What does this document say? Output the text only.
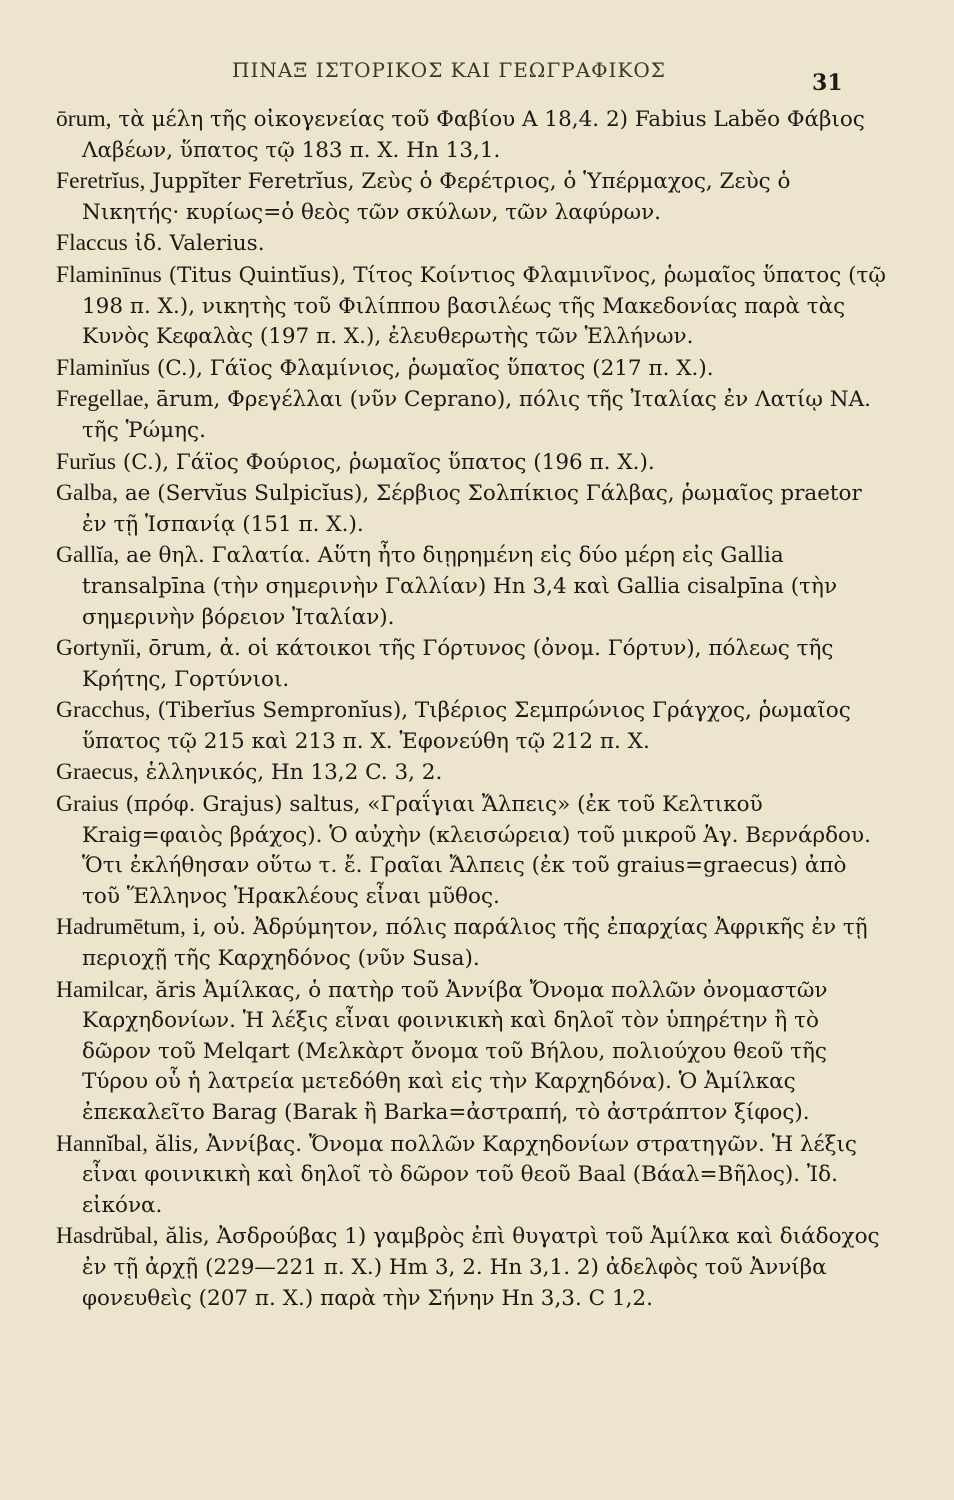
ΠΙΝΑΞ ΙΣΤΟΡΙΚΟΣ ΚΑΙ ΓΕΩΓΡΑΦΙΚΟΣ	31

ōrum, τὰ μέλη τῆς οἰκογενείας τοῦ Φαβίου A 18,4. 2) Fabius Labĕo Φάβιος Λαβέων, ὕπατος τῷ 183 π. X. Hn 13,1.

Feretrĭus, Juppĭter Feretrĭus, Ζεὺς ὁ Φερέτριος, ὁ Ὑπέρμαχος, Ζεὺς ὁ Νικητής· κυρίως=ὁ θεὸς τῶν σκύλων, τῶν λαφύρων.

Flaccus ἰδ. Valerius.

Flaminīnus (Titus Quintĭus), Τίτος Κοίντιος Φλαμινῖνος, ῥωμαῖος ὕπατος (τῷ 198 π. X.), νικητὴς τοῦ Φιλίππου βασιλέως τῆς Μακεδονίας παρὰ τὰς Κυνὸς Κεφαλὰς (197 π. X.), ἐλευθερωτὴς τῶν Ἑλλήνων.

Flaminĭus (C.), Γάϊος Φλαμίνιος, ῥωμαῖος ὕπατος (217 π. X.).

Fregellae, ārum, Φρεγέλλαι (νῦν Ceprano), πόλις τῆς Ἰταλίας ἐν Λατίῳ NA. τῆς Ῥώμης.

Furĭus (C.), Γάϊος Φούριος, ῥωμαῖος ὕπατος (196 π. X.).

Galba, ae (Servĭus Sulpicĭus), Σέρβιος Σολπίκιος Γάλβας, ῥωμαῖος praetor ἐν τῇ Ἱσπανίᾳ (151 π. X.).

Gallĭa, ae θηλ. Γαλατία. Αὕτη ἦτο διῃρημένη εἰς δύο μέρη εἰς Gallia transalpīna (τὴν σημερινὴν Γαλλίαν) Hn 3,4 καὶ Gallia cisalpīna (τὴν σημερινὴν βόρειον Ἰταλίαν).

Gortynĭi, ōrum, ἀ. οἱ κάτοικοι τῆς Γόρτυνος (ὀνομ. Γόρτυν), πόλεως τῆς Κρήτης, Γορτύνιοι.

Gracchus, (Tiberĭus Sempronĭus), Τιβέριος Σεμπρώνιος Γράγχος, ῥωμαῖος ὕπατος τῷ 215 καὶ 213 π. X. Ἐφονεύθη τῷ 212 π. X.

Graecus, ἑλληνικός, Hn 13,2 C. 3, 2.

Graius (πρόφ. Grajus) saltus, «Γραΐγιαι Ἄλπεις» (ἐκ τοῦ Κελτικοῦ Kraig=φαιὸς βράχος). Ὁ αὐχὴν (κλεισώρεια) τοῦ μικροῦ Ἁγ. Βερνάρδου. Ὅτι ἐκλήθησαν οὕτω τ. ἔ. Γραῖαι Ἄλπεις (ἐκ τοῦ graius=graecus) ἀπὸ τοῦ Ἕλληνος Ἡρακλέους εἶναι μῦθος.

Hadrumētum, i, οὐ. Ἀδρύμητον, πόλις παράλιος τῆς ἐπαρχίας Ἀφρικῆς ἐν τῇ περιοχῇ τῆς Καρχηδόνος (νῦν Susa).

Hamilcar, ăris Ἀμίλκας, ὁ πατὴρ τοῦ Ἀννίβα Ὄνομα πολλῶν ὀνομαστῶν Καρχηδονίων. Ἡ λέξις εἶναι φοινικικὴ καὶ δηλοῖ τὸν ὑπηρέτην ἢ τὸ δῶρον τοῦ Melqart (Μελκὰρτ ὄνομα τοῦ Βήλου, πολιούχου θεοῦ τῆς Τύρου οὗ ἡ λατρεία μετεδόθη καὶ εἰς τὴν Καρχηδόνα). Ὁ Ἀμίλκας ἐπεκαλεῖτο Barag (Barak ἢ Barka=ἀστραπή, τὸ ἀστράπτον ξίφος).

Hannĭbal, ălis, Ἀννίβας. Ὄνομα πολλῶν Καρχηδονίων στρατηγῶν. Ἡ λέξις εἶναι φοινικικὴ καὶ δηλοῖ τὸ δῶρον τοῦ θεοῦ Baal (Βάαλ=Βῆλος). Ἰδ. εἰκόνα.

Hasdrŭbal, ălis, Ἀσδρούβας 1) γαμβρὸς ἐπὶ θυγατρὶ τοῦ Ἀμίλκα καὶ διάδοχος ἐν τῇ ἀρχῇ (229—221 π. X.) Hm 3, 2. Hn 3,1. 2) ἀδελφὸς τοῦ Ἀννίβα φονευθεὶς (207 π. X.) παρὰ τὴν Σήνην Hn 3,3. C 1,2.
